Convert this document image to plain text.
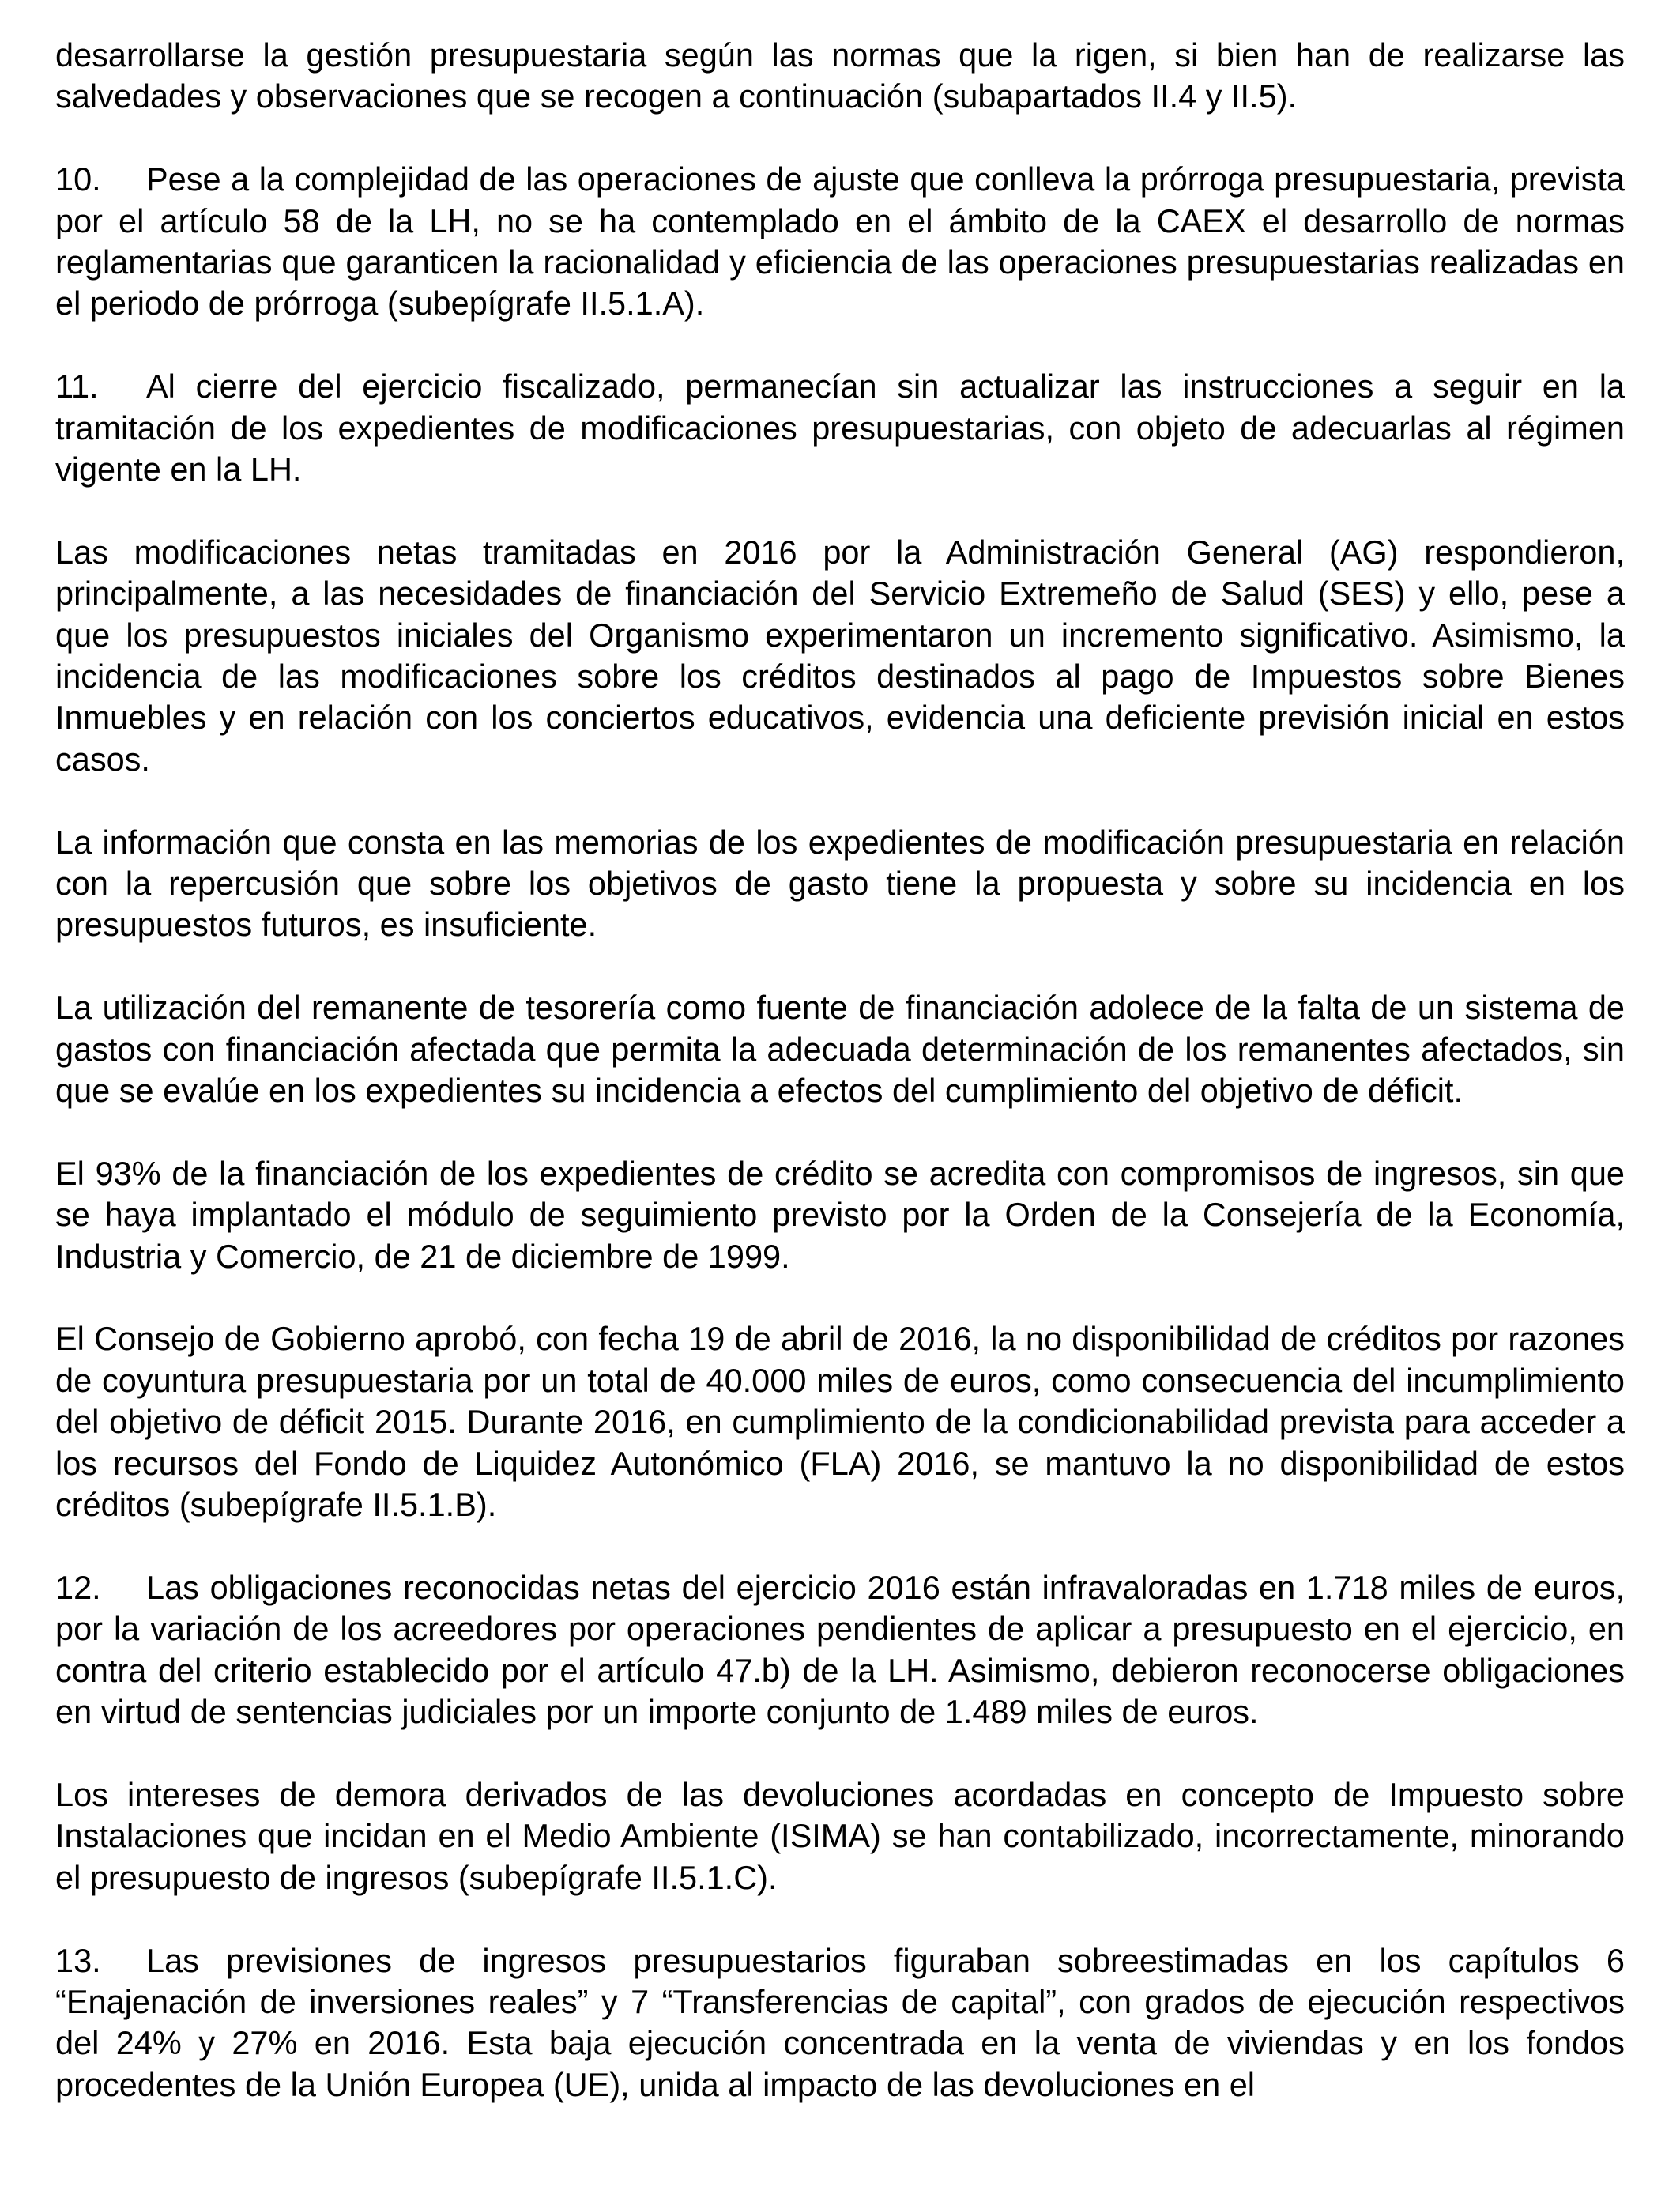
desarrollarse la gestión presupuestaria según las normas que la rigen, si bien han de realizarse las salvedades y observaciones que se recogen a continuación (subapartados II.4 y II.5).

10. Pese a la complejidad de las operaciones de ajuste que conlleva la prórroga presupuestaria, prevista por el artículo 58 de la LH, no se ha contemplado en el ámbito de la CAEX el desarrollo de normas reglamentarias que garanticen la racionalidad y eficiencia de las operaciones presupuestarias realizadas en el periodo de prórroga (subepígrafe II.5.1.A).

11. Al cierre del ejercicio fiscalizado, permanecían sin actualizar las instrucciones a seguir en la tramitación de los expedientes de modificaciones presupuestarias, con objeto de adecuarlas al régimen vigente en la LH.

Las modificaciones netas tramitadas en 2016 por la Administración General (AG) respondieron, principalmente, a las necesidades de financiación del Servicio Extremeño de Salud (SES) y ello, pese a que los presupuestos iniciales del Organismo experimentaron un incremento significativo. Asimismo, la incidencia de las modificaciones sobre los créditos destinados al pago de Impuestos sobre Bienes Inmuebles y en relación con los conciertos educativos, evidencia una deficiente previsión inicial en estos casos.

La información que consta en las memorias de los expedientes de modificación presupuestaria en relación con la repercusión que sobre los objetivos de gasto tiene la propuesta y sobre su incidencia en los presupuestos futuros, es insuficiente.

La utilización del remanente de tesorería como fuente de financiación adolece de la falta de un sistema de gastos con financiación afectada que permita la adecuada determinación de los remanentes afectados, sin que se evalúe en los expedientes su incidencia a efectos del cumplimiento del objetivo de déficit.

El 93% de la financiación de los expedientes de crédito se acredita con compromisos de ingresos, sin que se haya implantado el módulo de seguimiento previsto por la Orden de la Consejería de la Economía, Industria y Comercio, de 21 de diciembre de 1999.

El Consejo de Gobierno aprobó, con fecha 19 de abril de 2016, la no disponibilidad de créditos por razones de coyuntura presupuestaria por un total de 40.000 miles de euros, como consecuencia del incumplimiento del objetivo de déficit 2015. Durante 2016, en cumplimiento de la condicionabilidad prevista para acceder a los recursos del Fondo de Liquidez Autonómico (FLA) 2016, se mantuvo la no disponibilidad de estos créditos (subepígrafe II.5.1.B).

12. Las obligaciones reconocidas netas del ejercicio 2016 están infravaloradas en 1.718 miles de euros, por la variación de los acreedores por operaciones pendientes de aplicar a presupuesto en el ejercicio, en contra del criterio establecido por el artículo 47.b) de la LH. Asimismo, debieron reconocerse obligaciones en virtud de sentencias judiciales por un importe conjunto de 1.489 miles de euros.

Los intereses de demora derivados de las devoluciones acordadas en concepto de Impuesto sobre Instalaciones que incidan en el Medio Ambiente (ISIMA) se han contabilizado, incorrectamente, minorando el presupuesto de ingresos (subepígrafe II.5.1.C).

13. Las previsiones de ingresos presupuestarios figuraban sobreestimadas en los capítulos 6 “Enajenación de inversiones reales” y 7 “Transferencias de capital”, con grados de ejecución respectivos del 24% y 27% en 2016. Esta baja ejecución concentrada en la venta de viviendas y en los fondos procedentes de la Unión Europea (UE), unida al impacto de las devoluciones en el
